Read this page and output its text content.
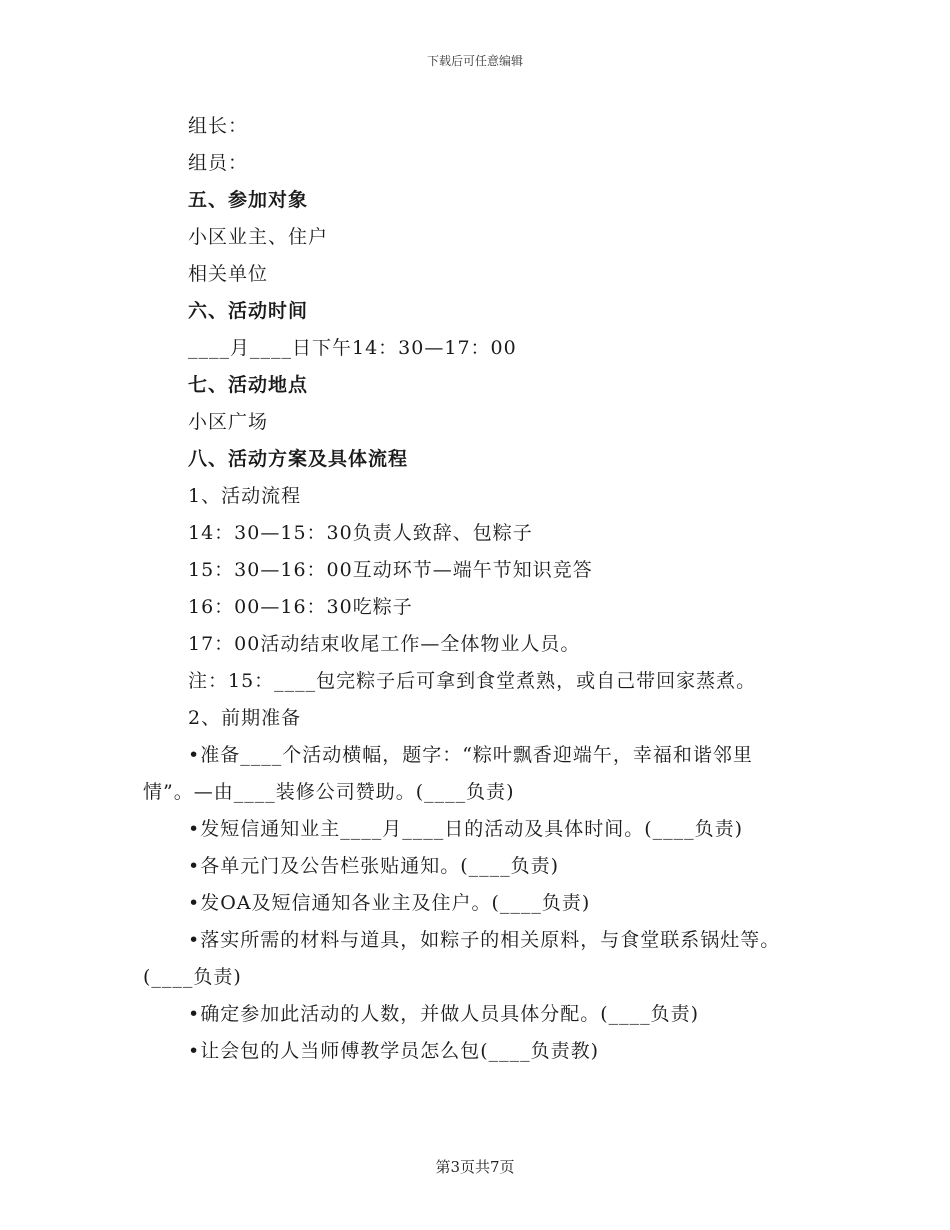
下载后可任意编辑
组长：
组员：
五、参加对象
小区业主、住户
相关单位
六、活动时间
____月____日下午14：30—17：00
七、活动地点
小区广场
八、活动方案及具体流程
1、活动流程
14：30—15：30负责人致辞、包粽子
15：30—16：00互动环节—端午节知识竞答
16：00—16：30吃粽子
17：00活动结束收尾工作—全体物业人员。
注：15：____包完粽子后可拿到食堂煮熟，或自己带回家蒸煮。
2、前期准备
•准备____个活动横幅，题字：“粽叶飘香迎端午，幸福和谐邻里
情”。—由____装修公司赞助。(____负责)
•发短信通知业主____月____日的活动及具体时间。(____负责)
•各单元门及公告栏张贴通知。(____负责)
•发OA及短信通知各业主及住户。(____负责)
•落实所需的材料与道具，如粽子的相关原料，与食堂联系锅灶等。
(____负责)
•确定参加此活动的人数，并做人员具体分配。(____负责)
•让会包的人当师傅教学员怎么包(____负责教)
第3页共7页
